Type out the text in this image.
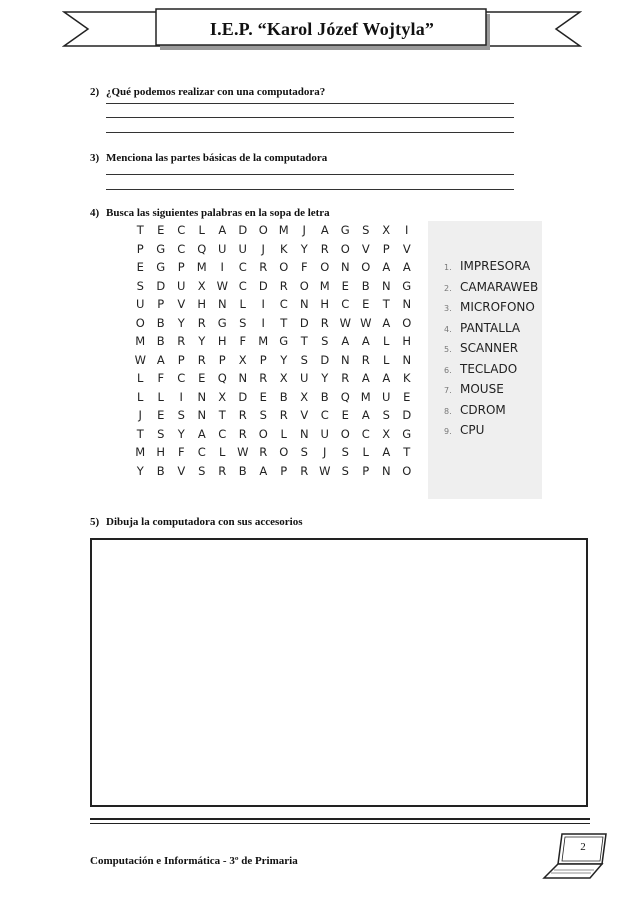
I.E.P. “Karol Józef Wojtyla”
2) ¿Qué podemos realizar con una computadora?
3) Menciona las partes básicas de la computadora
4) Busca las siguientes palabras en la sopa de letra
T	E	C	L	A	D	O M	J	A	G	S	X	I
P	G	C	Q	U	U	J	K	Y	R	O	V	P	V
E	G	P	M	I	C	R	O	F	O	N	O	A	A
S	D	U	X W C	D	R	O M	E	B	N	G
U	P	V	H	N	L	I	C	N	H	C	E	T	N
O	B	Y	R	G	S	I	T	D	R W W A	O
M	B	R	Y	H	F	M G	T	S	A	A	L	H
W A	P	R	P	X	P	Y	S	D	N	R	L	N
L	F	C	E	Q	N	R	X	U	Y	R	A	A	K
L	L	I	N	X	D	E	B	X	B	Q M U	E
J	E	S	N	T	R	S	R	V	C	E	A	S	D
T	S	Y	A	C	R	O	L	N	U	O	C	X	G
M H	F	C	L	W R	O	S	J	S	L	A	T
Y	B	V	S	R	B	A	P	R W S	P	N	O
1. IMPRESORA
2. CAMARAWEB
3. MICROFONO
4. PANTALLA
5. SCANNER
6. TECLADO
7. MOUSE
8. CDROM
9. CPU
5) Dibuja la computadora con sus accesorios
Computación e Informática - 3º de Primaria
2
